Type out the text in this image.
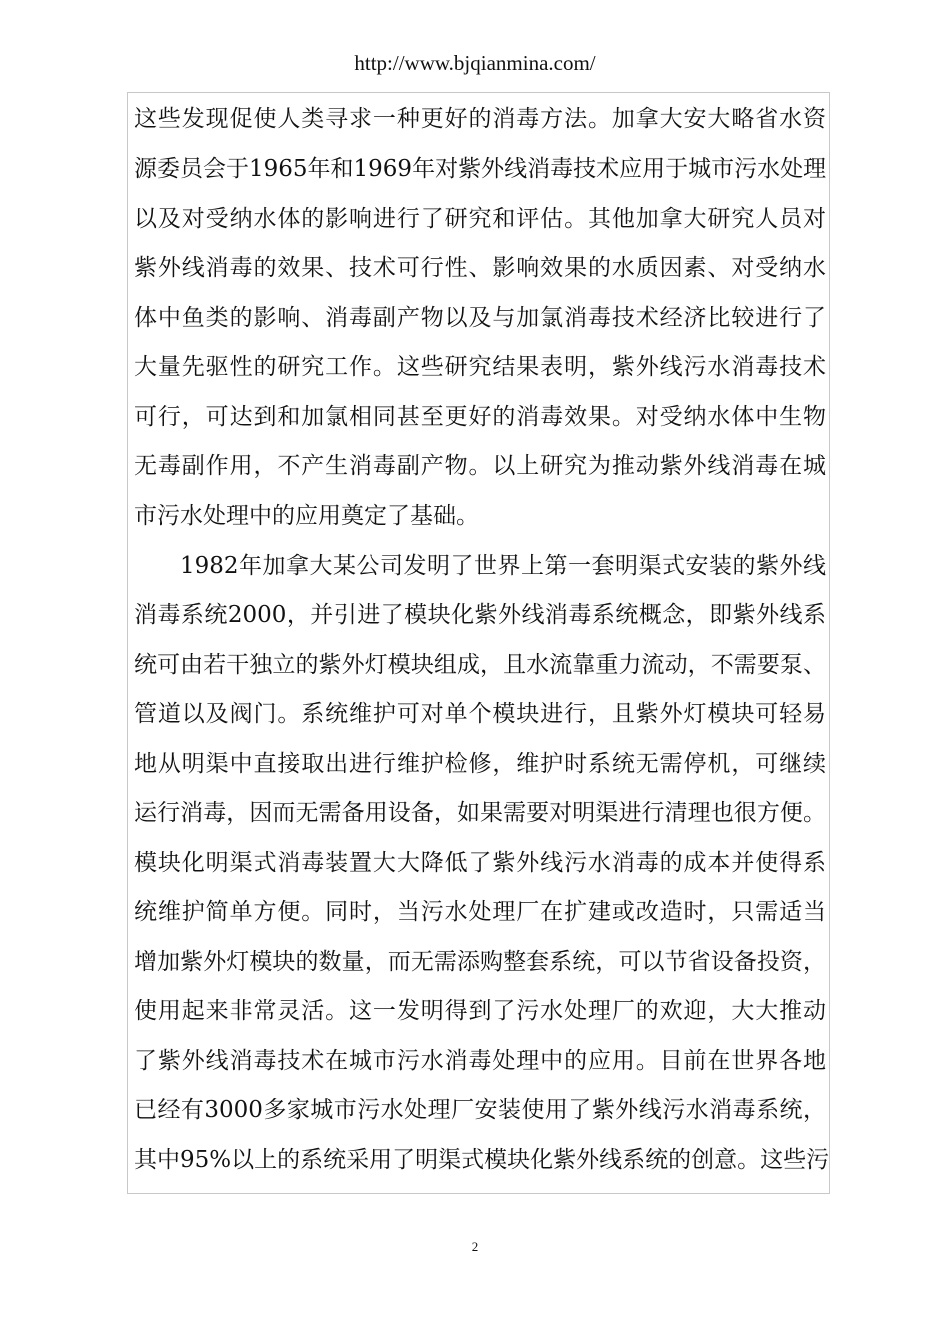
http://www.bjqianmina.com/
这些发现促使人类寻求一种更好的消毒方法。加拿大安大略省水资
源委员会于1965年和1969年对紫外线消毒技术应用于城市污水处理
以及对受纳水体的影响进行了研究和评估。其他加拿大研究人员对
紫外线消毒的效果、技术可行性、影响效果的水质因素、对受纳水
体中鱼类的影响、消毒副产物以及与加氯消毒技术经济比较进行了
大量先驱性的研究工作。这些研究结果表明，紫外线污水消毒技术
可行，可达到和加氯相同甚至更好的消毒效果。对受纳水体中生物
无毒副作用，不产生消毒副产物。以上研究为推动紫外线消毒在城
市污水处理中的应用奠定了基础。
1982年加拿大某公司发明了世界上第一套明渠式安装的紫外线
消毒系统2000，并引进了模块化紫外线消毒系统概念，即紫外线系
统可由若干独立的紫外灯模块组成，且水流靠重力流动，不需要泵、
管道以及阀门。系统维护可对单个模块进行，且紫外灯模块可轻易
地从明渠中直接取出进行维护检修，维护时系统无需停机，可继续
运行消毒，因而无需备用设备，如果需要对明渠进行清理也很方便。
模块化明渠式消毒装置大大降低了紫外线污水消毒的成本并使得系
统维护简单方便。同时，当污水处理厂在扩建或改造时，只需适当
增加紫外灯模块的数量，而无需添购整套系统，可以节省设备投资，
使用起来非常灵活。这一发明得到了污水处理厂的欢迎，大大推动
了紫外线消毒技术在城市污水消毒处理中的应用。目前在世界各地
已经有3000多家城市污水处理厂安装使用了紫外线污水消毒系统，
其中95%以上的系统采用了明渠式模块化紫外线系统的创意。这些污
2
